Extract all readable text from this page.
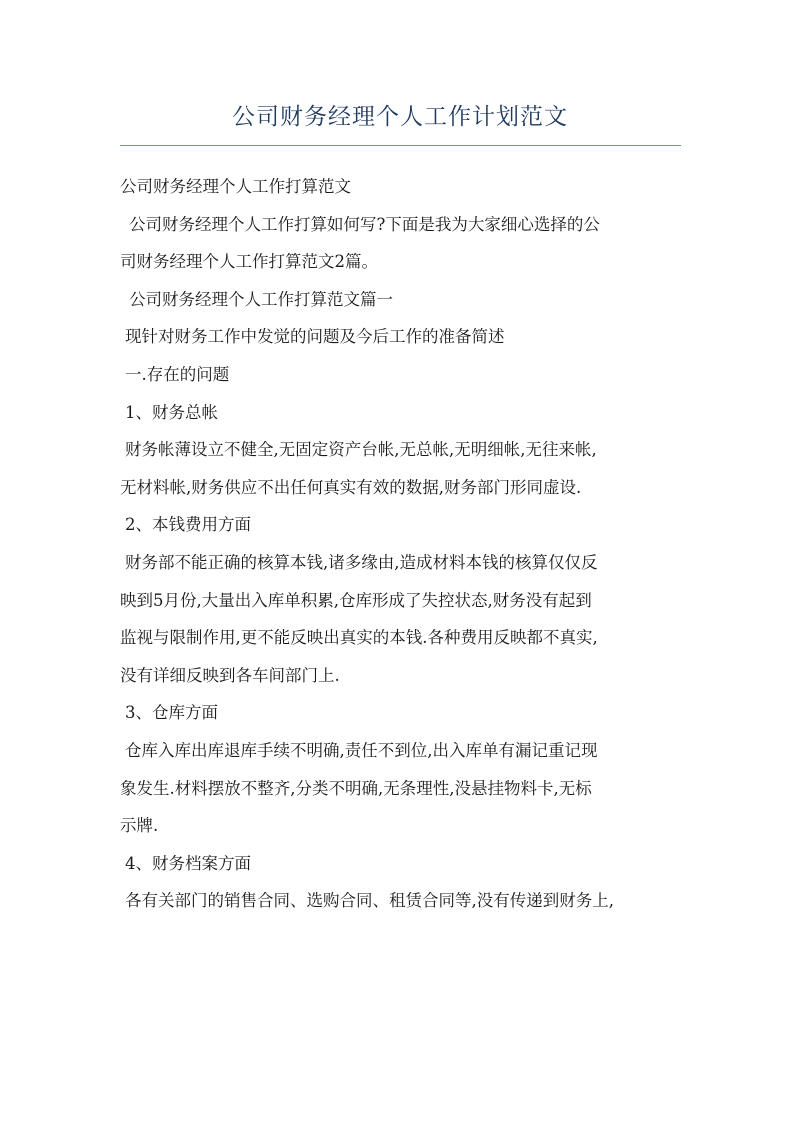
公司财务经理个人工作计划范文

公司财务经理个人工作打算范文

公司财务经理个人工作打算如何写?下面是我为大家细心选择的公

司财务经理个人工作打算范文2篇。

公司财务经理个人工作打算范文篇一

现针对财务工作中发觉的问题及今后工作的准备简述

一.存在的问题

1、财务总帐

财务帐薄设立不健全,无固定资产台帐,无总帐,无明细帐,无往来帐,

无材料帐,财务供应不出任何真实有效的数据,财务部门形同虚设.

2、本钱费用方面

财务部不能正确的核算本钱,诸多缘由,造成材料本钱的核算仅仅反

映到5月份,大量出入库单积累,仓库形成了失控状态,财务没有起到

监视与限制作用,更不能反映出真实的本钱.各种费用反映都不真实,

没有详细反映到各车间部门上.

3、仓库方面

仓库入库出库退库手续不明确,责任不到位,出入库单有漏记重记现

象发生.材料摆放不整齐,分类不明确,无条理性,没悬挂物料卡,无标

示牌.

4、财务档案方面

各有关部门的销售合同、选购合同、租赁合同等,没有传递到财务上,
